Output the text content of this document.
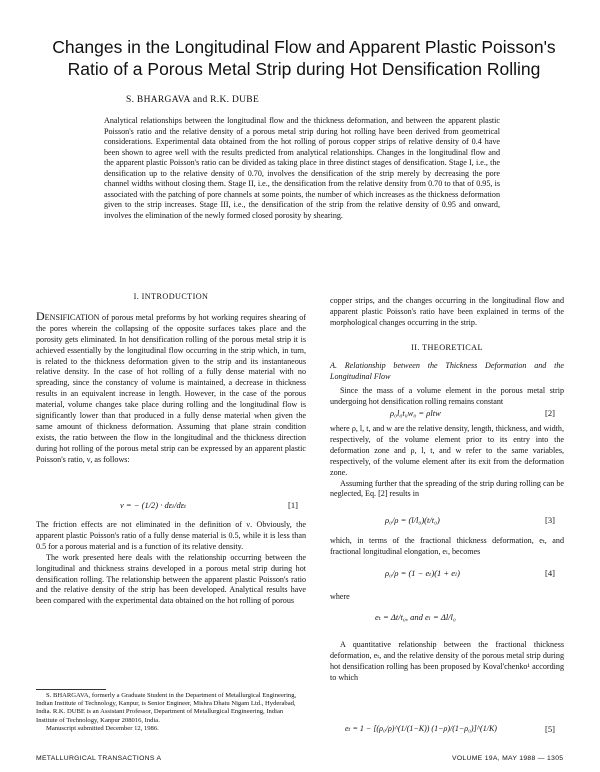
Changes in the Longitudinal Flow and Apparent Plastic Poisson's Ratio of a Porous Metal Strip during Hot Densification Rolling
S. BHARGAVA and R.K. DUBE
Analytical relationships between the longitudinal flow and the thickness deformation, and between the apparent plastic Poisson's ratio and the relative density of a porous metal strip during hot rolling have been derived from geometrical considerations. Experimental data obtained from the hot rolling of porous copper strips of relative density of 0.4 have been shown to agree well with the results predicted from analytical relationships. Changes in the longitudinal flow and the apparent plastic Poisson's ratio can be divided as taking place in three distinct stages of densification. Stage I, i.e., the densification up to the relative density of 0.70, involves the densification of the strip merely by decreasing the pore channel widths without closing them. Stage II, i.e., the densification from the relative density from 0.70 to that of 0.95, is associated with the patching of pore channels at some points, the number of which increases as the thickness deformation given to the strip increases. Stage III, i.e., the densification of the strip from the relative density of 0.95 and onward, involves the elimination of the newly formed closed porosity by shearing.

I. INTRODUCTION

DENSIFICATION of porous metal preforms by hot working requires shearing of the pores wherein the collapsing of the opposite surfaces takes place and the porosity gets eliminated. In hot densification rolling of the porous metal strip it is achieved essentially by the longitudinal flow occurring in the strip which, in turn, is related to the thickness deformation given to the strip and its instantaneous relative density. In the case of hot rolling of a fully dense material with no spreading, since the constancy of volume is maintained, a decrease in thickness results in an equivalent increase in length. However, in the case of the porous material, volume changes take place during rolling and the longitudinal flow is significantly lower than that produced in a fully dense material when given the same amount of thickness deformation. Assuming that plane strain condition exists, the ratio between the flow in the longitudinal and the thickness direction during hot rolling of the porous metal strip can be expressed by an apparent plastic Poisson's ratio, ν, as follows:

ν = − (1/2) · dεₗ/dεₜ	[1]

The friction effects are not eliminated in the definition of ν. Obviously, the apparent plastic Poisson's ratio of a fully dense material is 0.5, while it is less than 0.5 for a porous material and is a function of its relative density.

The work presented here deals with the relationship occurring between the longitudinal and thickness strains developed in a porous metal strip during hot densification rolling. The relationship between the apparent plastic Poisson's ratio and the relative density of the strip has been developed. Analytical results have been compared with the experimental data obtained on the hot rolling of porous

S. BHARGAVA, formerly a Graduate Student in the Department of Metallurgical Engineering, Indian Institute of Technology, Kanpur, is Senior Engineer, Mishra Dhatu Nigam Ltd., Hyderabad, India. R.K. DUBE is an Assistant Professor, Department of Metallurgical Engineering, Indian Institute of Technology, Kanpur 208016, India.

Manuscript submitted December 12, 1986.

METALLURGICAL TRANSACTIONS A

copper strips, and the changes occurring in the longitudinal flow and apparent plastic Poisson's ratio have been explained in terms of the morphological changes occurring in the strip.

II. THEORETICAL

A. Relationship between the Thickness Deformation and the Longitudinal Flow

Since the mass of a volume element in the porous metal strip undergoing hot densification rolling remains constant

ρ₀l₀t₀w₀ = ρltw	[2]

where ρ, l, t, and w are the relative density, length, thickness, and width, respectively, of the volume element prior to its entry into the deformation zone and ρ, l, t, and w refer to the same variables, respectively, of the volume element after its exit from the deformation zone.

Assuming further that the spreading of the strip during rolling can be neglected, Eq. [2] results in

ρ₀/ρ = (l/l₀)(t/t₀)	[3]

which, in terms of the fractional thickness deformation, eₜ, and fractional longitudinal elongation, eₗ, becomes

ρ₀/ρ = (1 − eₜ)(1 + eₗ)	[4]

where

eₜ = Δt/t₀, and eₗ = Δl/l₀

A quantitative relationship between the fractional thickness deformation, eₜ, and the relative density of the porous metal strip during hot densification rolling has been proposed by Koval'chenko¹ according to which

eₜ = 1 − [(ρ₀/ρ)^(1/(1−K)) (1−ρ)/(1−ρ₀)]^(1/K)	[5]
VOLUME 19A, MAY 1988 — 1305
